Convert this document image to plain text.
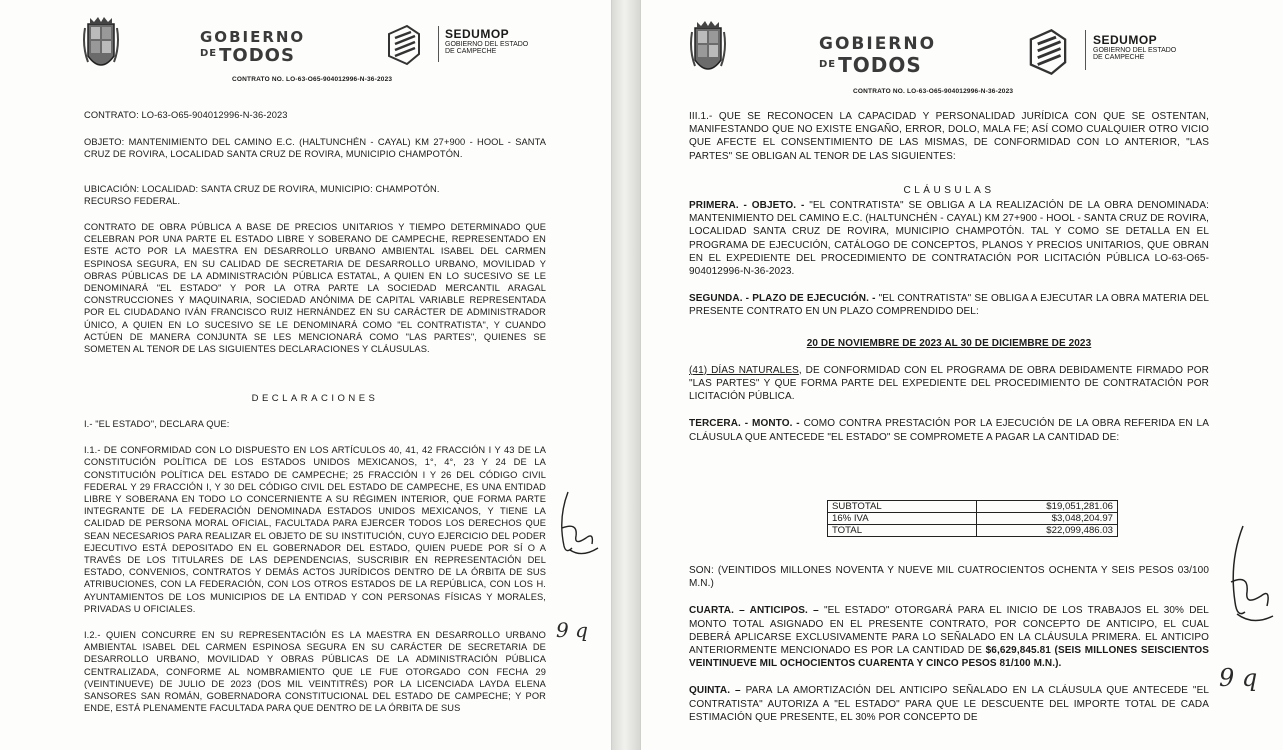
GOBIERNO
$^{DE}$ TODOS
SEDUMOP
GOBIERNO DEL ESTADO
DE CAMPECHE
CONTRATO NO. LO-63-O65-904012996-N-36-2023

CONTRATO: LO-63-O65-904012996-N-36-2023

OBJETO: MANTENIMIENTO DEL CAMINO E.C. (HALTUNCHÉN - CAYAL) KM 27+900 - HOOL - SANTA CRUZ DE ROVIRA, LOCALIDAD SANTA CRUZ DE ROVIRA, MUNICIPIO CHAMPOTÓN.

UBICACIÓN: LOCALIDAD: SANTA CRUZ DE ROVIRA, MUNICIPIO: CHAMPOTÓN.
RECURSO FEDERAL.

CONTRATO DE OBRA PÚBLICA A BASE DE PRECIOS UNITARIOS Y TIEMPO DETERMINADO QUE CELEBRAN POR UNA PARTE EL ESTADO LIBRE Y SOBERANO DE CAMPECHE, REPRESENTADO EN ESTE ACTO POR LA MAESTRA EN DESARROLLO URBANO AMBIENTAL ISABEL DEL CARMEN ESPINOSA SEGURA, EN SU CALIDAD DE SECRETARIA DE DESARROLLO URBANO, MOVILIDAD Y OBRAS PÚBLICAS DE LA ADMINISTRACIÓN PÚBLICA ESTATAL, A QUIEN EN LO SUCESIVO SE LE DENOMINARÁ "EL ESTADO" Y POR LA OTRA PARTE LA SOCIEDAD MERCANTIL ARAGAL CONSTRUCCIONES Y MAQUINARIA, SOCIEDAD ANÓNIMA DE CAPITAL VARIABLE REPRESENTADA POR EL CIUDADANO IVÁN FRANCISCO RUIZ HERNÁNDEZ EN SU CARÁCTER DE ADMINISTRADOR ÚNICO, A QUIEN EN LO SUCESIVO SE LE DENOMINARÁ COMO "EL CONTRATISTA", Y CUANDO ACTÚEN DE MANERA CONJUNTA SE LES MENCIONARÁ COMO "LAS PARTES", QUIENES SE SOMETEN AL TENOR DE LAS SIGUIENTES DECLARACIONES Y CLÁUSULAS.

DECLARACIONES

I.- "EL ESTADO", DECLARA QUE:

I.1.- DE CONFORMIDAD CON LO DISPUESTO EN LOS ARTÍCULOS 40, 41, 42 FRACCIÓN I Y 43 DE LA CONSTITUCIÓN POLÍTICA DE LOS ESTADOS UNIDOS MEXICANOS, 1°, 4°, 23 Y 24 DE LA CONSTITUCIÓN POLÍTICA DEL ESTADO DE CAMPECHE; 25 FRACCIÓN I Y 26 DEL CÓDIGO CIVIL FEDERAL Y 29 FRACCIÓN I, Y 30 DEL CÓDIGO CIVIL DEL ESTADO DE CAMPECHE, ES UNA ENTIDAD LIBRE Y SOBERANA EN TODO LO CONCERNIENTE A SU RÉGIMEN INTERIOR, QUE FORMA PARTE INTEGRANTE DE LA FEDERACIÓN DENOMINADA ESTADOS UNIDOS MEXICANOS, Y TIENE LA CALIDAD DE PERSONA MORAL OFICIAL, FACULTADA PARA EJERCER TODOS LOS DERECHOS QUE SEAN NECESARIOS PARA REALIZAR EL OBJETO DE SU INSTITUCIÓN, CUYO EJERCICIO DEL PODER EJECUTIVO ESTÁ DEPOSITADO EN EL GOBERNADOR DEL ESTADO, QUIEN PUEDE POR SÍ O A TRAVÉS DE LOS TITULARES DE LAS DEPENDENCIAS, SUSCRIBIR EN REPRESENTACIÓN DEL ESTADO, CONVENIOS, CONTRATOS Y DEMÁS ACTOS JURÍDICOS DENTRO DE LA ÓRBITA DE SUS ATRIBUCIONES, CON LA FEDERACIÓN, CON LOS OTROS ESTADOS DE LA REPÚBLICA, CON LOS H. AYUNTAMIENTOS DE LOS MUNICIPIOS DE LA ENTIDAD Y CON PERSONAS FÍSICAS Y MORALES, PRIVADAS U OFICIALES.

I.2.- QUIEN CONCURRE EN SU REPRESENTACIÓN ES LA MAESTRA EN DESARROLLO URBANO AMBIENTAL ISABEL DEL CARMEN ESPINOSA SEGURA EN SU CARÁCTER DE SECRETARIA DE DESARROLLO URBANO, MOVILIDAD Y OBRAS PÚBLICAS DE LA ADMINISTRACIÓN PÚBLICA CENTRALIZADA, CONFORME AL NOMBRAMIENTO QUE LE FUE OTORGADO CON FECHA 29 (VEINTINUEVE) DE JULIO DE 2023 (DOS MIL VEINTITRÉS) POR LA LICENCIADA LAYDA ELENA SANSORES SAN ROMÁN, GOBERNADORA CONSTITUCIONAL DEL ESTADO DE CAMPECHE; Y POR ENDE, ESTÁ PLENAMENTE FACULTADA PARA QUE DENTRO DE LA ÓRBITA DE SUS

9 q
GOBIERNO
$^{DE}$ TODOS
SEDUMOP
GOBIERNO DEL ESTADO
DE CAMPECHE
CONTRATO NO. LO-63-O65-904012996-N-36-2023

III.1.- QUE SE RECONOCEN LA CAPACIDAD Y PERSONALIDAD JURÍDICA CON QUE SE OSTENTAN, MANIFESTANDO QUE NO EXISTE ENGAÑO, ERROR, DOLO, MALA FE; ASÍ COMO CUALQUIER OTRO VICIO QUE AFECTE EL CONSENTIMIENTO DE LAS MISMAS, DE CONFORMIDAD CON LO ANTERIOR, "LAS PARTES" SE OBLIGAN AL TENOR DE LAS SIGUIENTES:

CLÁUSULAS

PRIMERA. - OBJETO. - "EL CONTRATISTA" SE OBLIGA A LA REALIZACIÓN DE LA OBRA DENOMINADA: MANTENIMIENTO DEL CAMINO E.C. (HALTUNCHÉN - CAYAL) KM 27+900 - HOOL - SANTA CRUZ DE ROVIRA, LOCALIDAD SANTA CRUZ DE ROVIRA, MUNICIPIO CHAMPOTÓN. TAL Y COMO SE DETALLA EN EL PROGRAMA DE EJECUCIÓN, CATÁLOGO DE CONCEPTOS, PLANOS Y PRECIOS UNITARIOS, QUE OBRAN EN EL EXPEDIENTE DEL PROCEDIMIENTO DE CONTRATACIÓN POR LICITACIÓN PÚBLICA LO-63-O65-904012996-N-36-2023.

SEGUNDA. - PLAZO DE EJECUCIÓN. - "EL CONTRATISTA" SE OBLIGA A EJECUTAR LA OBRA MATERIA DEL PRESENTE CONTRATO EN UN PLAZO COMPRENDIDO DEL:

20 DE NOVIEMBRE DE 2023 AL 30 DE DICIEMBRE DE 2023

(41) DÍAS NATURALES, DE CONFORMIDAD CON EL PROGRAMA DE OBRA DEBIDAMENTE FIRMADO POR "LAS PARTES" Y QUE FORMA PARTE DEL EXPEDIENTE DEL PROCEDIMIENTO DE CONTRATACIÓN POR LICITACIÓN PÚBLICA.

TERCERA. - MONTO. - COMO CONTRA PRESTACIÓN POR LA EJECUCIÓN DE LA OBRA REFERIDA EN LA CLÁUSULA QUE ANTECEDE "EL ESTADO" SE COMPROMETE A PAGAR LA CANTIDAD DE:

SUBTOTAL	$19,051,281.06
16% IVA	$3,048,204.97
TOTAL	$22,099,486.03

SON: (VEINTIDOS MILLONES NOVENTA Y NUEVE MIL CUATROCIENTOS OCHENTA Y SEIS PESOS 03/100 M.N.)

CUARTA. – ANTICIPOS. – "EL ESTADO" OTORGARÁ PARA EL INICIO DE LOS TRABAJOS EL 30% DEL MONTO TOTAL ASIGNADO EN EL PRESENTE CONTRATO, POR CONCEPTO DE ANTICIPO, EL CUAL DEBERÁ APLICARSE EXCLUSIVAMENTE PARA LO SEÑALADO EN LA CLÁUSULA PRIMERA. EL ANTICIPO ANTERIORMENTE MENCIONADO ES POR LA CANTIDAD DE $6,629,845.81 (SEIS MILLONES SEISCIENTOS VEINTINUEVE MIL OCHOCIENTOS CUARENTA Y CINCO PESOS 81/100 M.N.).

QUINTA. – PARA LA AMORTIZACIÓN DEL ANTICIPO SEÑALADO EN LA CLÁUSULA QUE ANTECEDE "EL CONTRATISTA" AUTORIZA A "EL ESTADO" PARA QUE LE DESCUENTE DEL IMPORTE TOTAL DE CADA ESTIMACIÓN QUE PRESENTE, EL 30% POR CONCEPTO DE

9 q
